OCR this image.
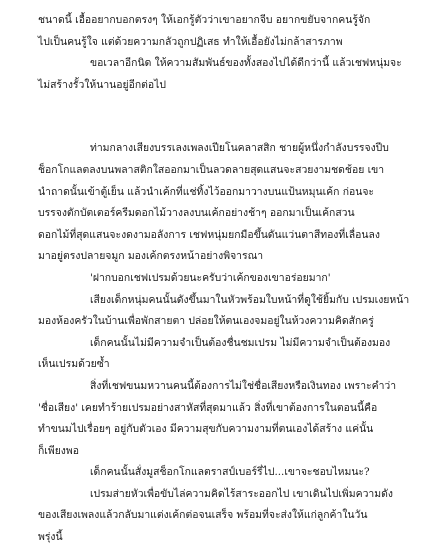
ชนาดนี้ เอื้ออยากบอกตรงๆ ให้เอกรู้ตัวว่าเขาอยากจีบ อยากขยับจากคนรู้จัก
ไปเป็นคนรู้ใจ แต่ด้วยความกลัวถูกปฏิเสธ ทำให้เอื้อยังไม่กล้าสารภาพ

ขอเวลาอีกนิด ให้ความสัมพันธ์ของทั้งสองไปได้ดีกว่านี้ แล้วเชฟหนุ่มจะ

ไม่สร้างรั้วให้นานอยู่อีกต่อไป

ท่ามกลางเสียงบรรเลงเพลงเปียโนคลาสสิก ชายผู้หนึ่งกำลังบรรจงปีบ

ช็อกโกแลตลงบนพลาสติกใสออกมาเป็นลวดลายสุดแสนจะสวยงามชดช้อย เขา
นำถาดนั้นเข้าตู้เย็น แล้วนำเค้กที่แช่ทิ้งไว้ออกมาวางบนแป้นหมุนเค้ก ก่อนจะ
บรรจงตักบัตเตอร์ครีมดอกไม้วางลงบนเค้กอย่างช้าๆ ออกมาเป็นเค้กสวน
ดอกไม้ที่สุดแสนจะงดงามอลังการ เชฟหนุ่มยกมือขึ้นดันแว่นตาสีทองที่เลื่อนลง
มาอยู่ตรงปลายจมูก มองเค้กตรงหน้าอย่างพิจารณา

'ฝากบอกเชฟเปรมด้วยนะครับว่าเค้กของเขาอร่อยมาก'

เสียงเด็กหนุ่มคนนั้นดังขึ้นมาในหัวพร้อมใบหน้าที่ดูใช้ยิ้มกับ เปรมเงยหน้า

มองห้องครัวในบ้านเพื่อพักสายตา ปล่อยให้ตนเองจมอยู่ในห้วงความคิดสักครู่

เด็กคนนั้นไม่มีความจำเป็นต้องชื่นชมเปรม ไม่มีความจำเป็นต้องมอง

เห็นเปรมด้วยซ้ำ

สิ่งที่เชฟขนมหวานคนนี้ต้องการไม่ใช่ชื่อเสียงหรือเงินทอง เพราะคำว่า

'ชื่อเสียง' เคยทำร้ายเปรมอย่างสาหัสที่สุดมาแล้ว สิ่งที่เขาต้องการในตอนนี้คือ
ทำขนมไปเรื่อยๆ อยู่กับตัวเอง มีความสุขกับความงามที่ตนเองได้สร้าง แค่นั้น
ก็เพียงพอ

เด็กคนนั้นสั่งมูสช็อกโกแลตราสป์เบอร์รี่ไป...เขาจะชอบไหมนะ?

เปรมส่ายหัวเพื่อขับไล่ความคิดไร้สาระออกไป เขาเดินไปเพิ่มความดัง

ของเสียงเพลงแล้วกลับมาแต่งเค้กต่อจนเสร็จ พร้อมที่จะส่งให้แก่ลูกค้าในวัน
พรุ่งนี้
